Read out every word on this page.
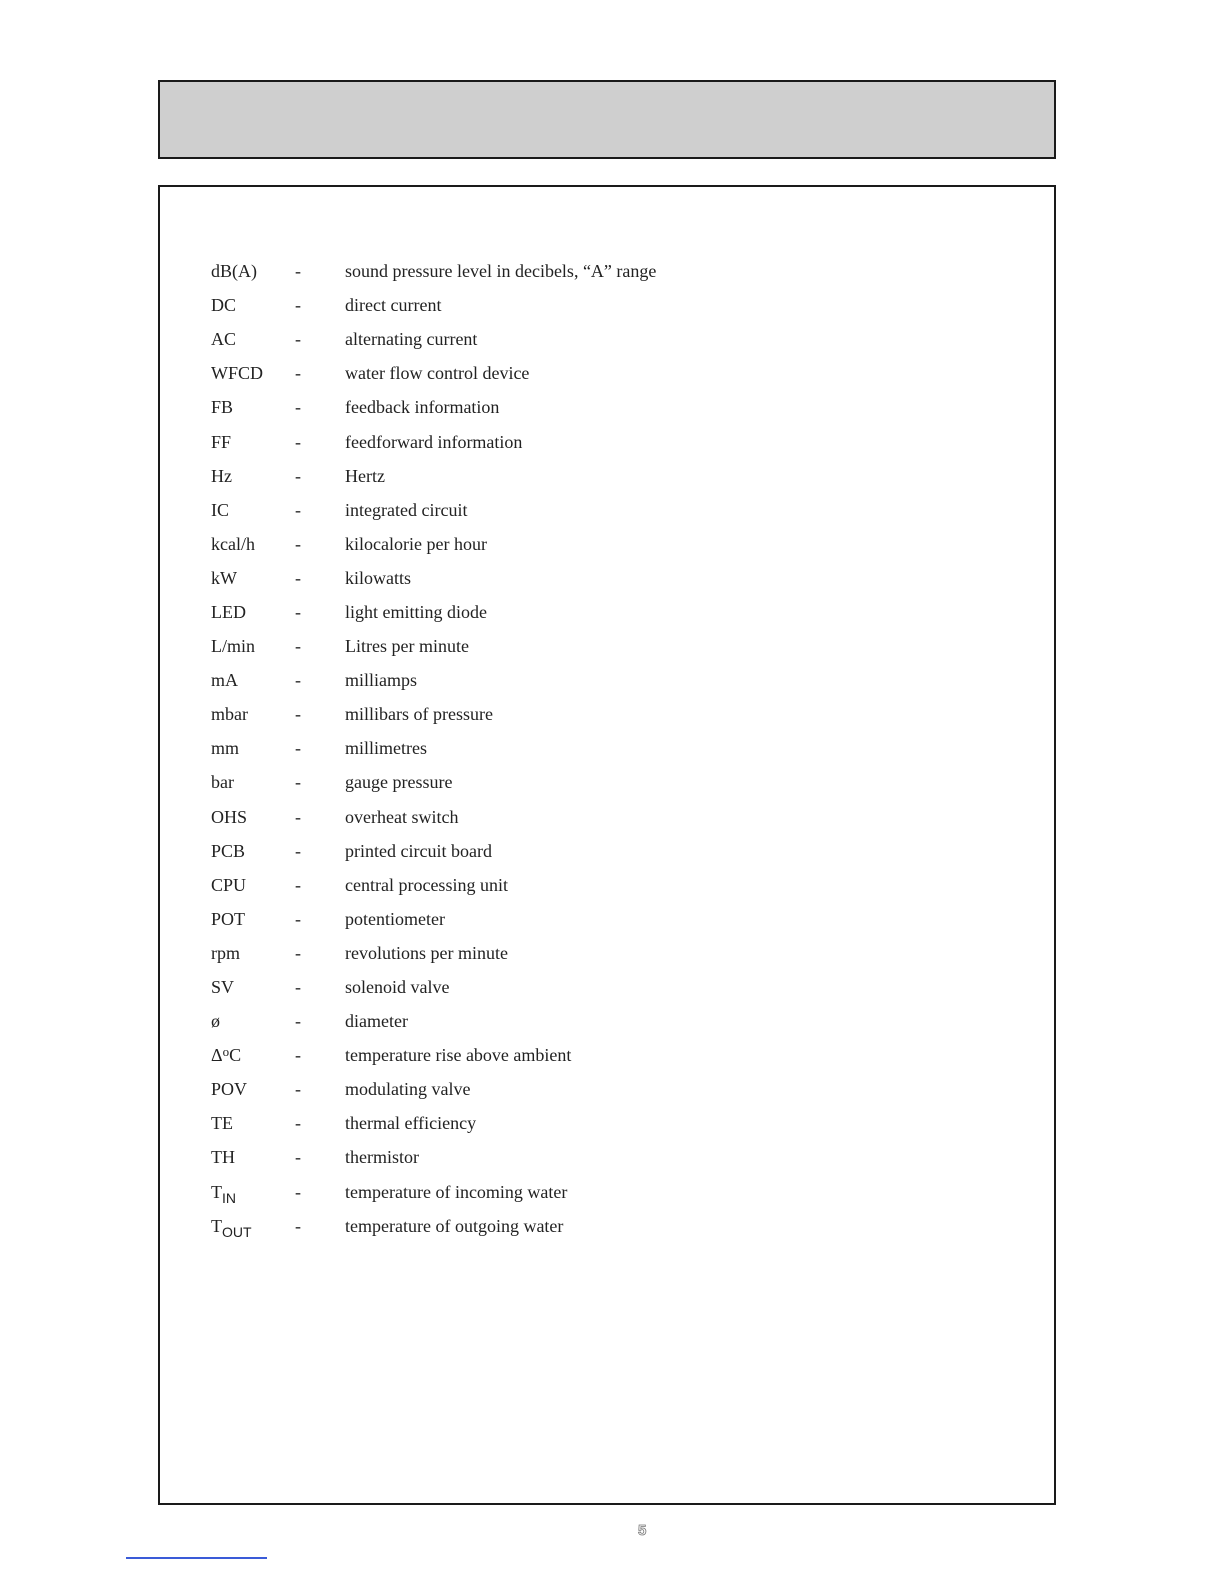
dB(A)	-	sound pressure level in decibels, “A” range
DC	-	direct current
AC	-	alternating current
WFCD	-	water flow control device
FB	-	feedback information
FF	-	feedforward information
Hz	-	Hertz
IC	-	integrated circuit
kcal/h	-	kilocalorie per hour
kW	-	kilowatts
LED	-	light emitting diode
L/min	-	Litres per minute
mA	-	milliamps
mbar	-	millibars of pressure
mm	-	millimetres
bar	-	gauge pressure
OHS	-	overheat switch
PCB	-	printed circuit board
CPU	-	central processing unit
POT	-	potentiometer
rpm	-	revolutions per minute
SV	-	solenoid valve
ø	-	diameter
$\Delta^oC$	-	temperature rise above ambient
POV	-	modulating valve
TE	-	thermal efficiency
TH	-	thermistor
$T_{IN}$	-	temperature of incoming water
$T_{OUT}$	-	temperature of outgoing water
5
